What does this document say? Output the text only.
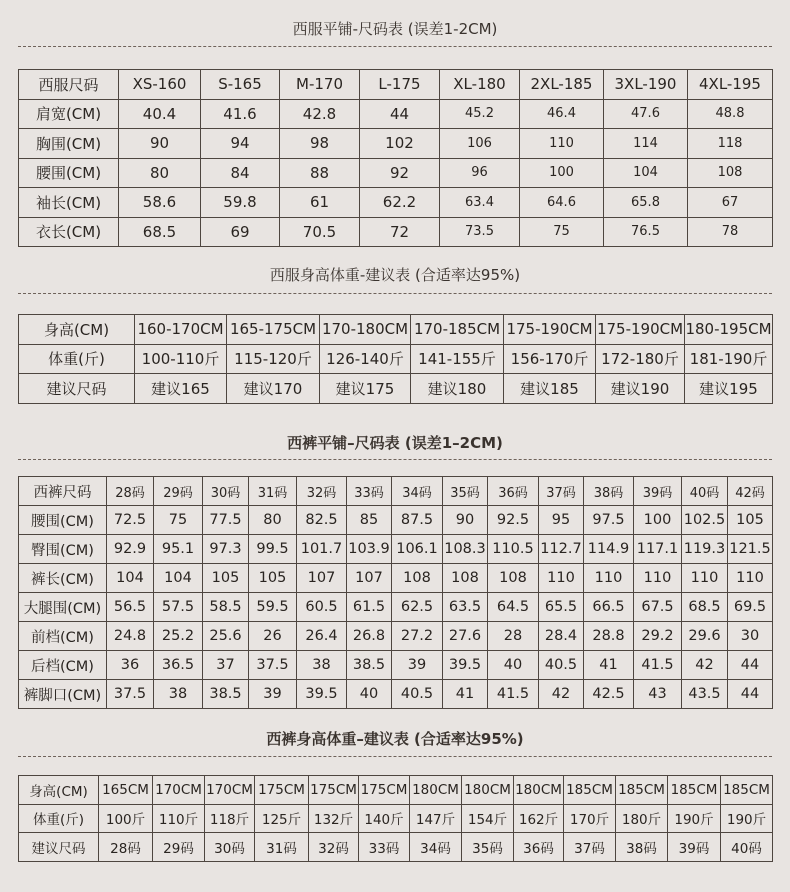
西服平铺-尺码表 (误差1-2CM)
西服尺码	XS-160	S-165	M-170	L-175	XL-180	2XL-185	3XL-190	4XL-195
肩宽(CM)	40.4	41.6	42.8	44	45.2	46.4	47.6	48.8
胸围(CM)	90	94	98	102	106	110	114	118
腰围(CM)	80	84	88	92	96	100	104	108
袖长(CM)	58.6	59.8	61	62.2	63.4	64.6	65.8	67
衣长(CM)	68.5	69	70.5	72	73.5	75	76.5	78
西服身高体重-建议表 (合适率达95%)
身高(CM)	160-170CM	165-175CM	170-180CM	170-185CM	175-190CM	175-190CM	180-195CM
体重(斤)	100-110斤	115-120斤	126-140斤	141-155斤	156-170斤	172-180斤	181-190斤
建议尺码	建议165	建议170	建议175	建议180	建议185	建议190	建议195
西裤平铺–尺码表 (误差1–2CM)
西裤尺码	28码	29码	30码	31码	32码	33码	34码	35码	36码	37码	38码	39码	40码	42码
腰围(CM)	72.5	75	77.5	80	82.5	85	87.5	90	92.5	95	97.5	100	102.5	105
臀围(CM)	92.9	95.1	97.3	99.5	101.7	103.9	106.1	108.3	110.5	112.7	114.9	117.1	119.3	121.5
裤长(CM)	104	104	105	105	107	107	108	108	108	110	110	110	110	110
大腿围(CM)	56.5	57.5	58.5	59.5	60.5	61.5	62.5	63.5	64.5	65.5	66.5	67.5	68.5	69.5
前档(CM)	24.8	25.2	25.6	26	26.4	26.8	27.2	27.6	28	28.4	28.8	29.2	29.6	30
后档(CM)	36	36.5	37	37.5	38	38.5	39	39.5	40	40.5	41	41.5	42	44
裤脚口(CM)	37.5	38	38.5	39	39.5	40	40.5	41	41.5	42	42.5	43	43.5	44
西裤身高体重–建议表 (合适率达95%)
身高(CM)	165CM	170CM	170CM	175CM	175CM	175CM	180CM	180CM	180CM	185CM	185CM	185CM	185CM
体重(斤)	100斤	110斤	118斤	125斤	132斤	140斤	147斤	154斤	162斤	170斤	180斤	190斤	190斤
建议尺码	28码	29码	30码	31码	32码	33码	34码	35码	36码	37码	38码	39码	40码
